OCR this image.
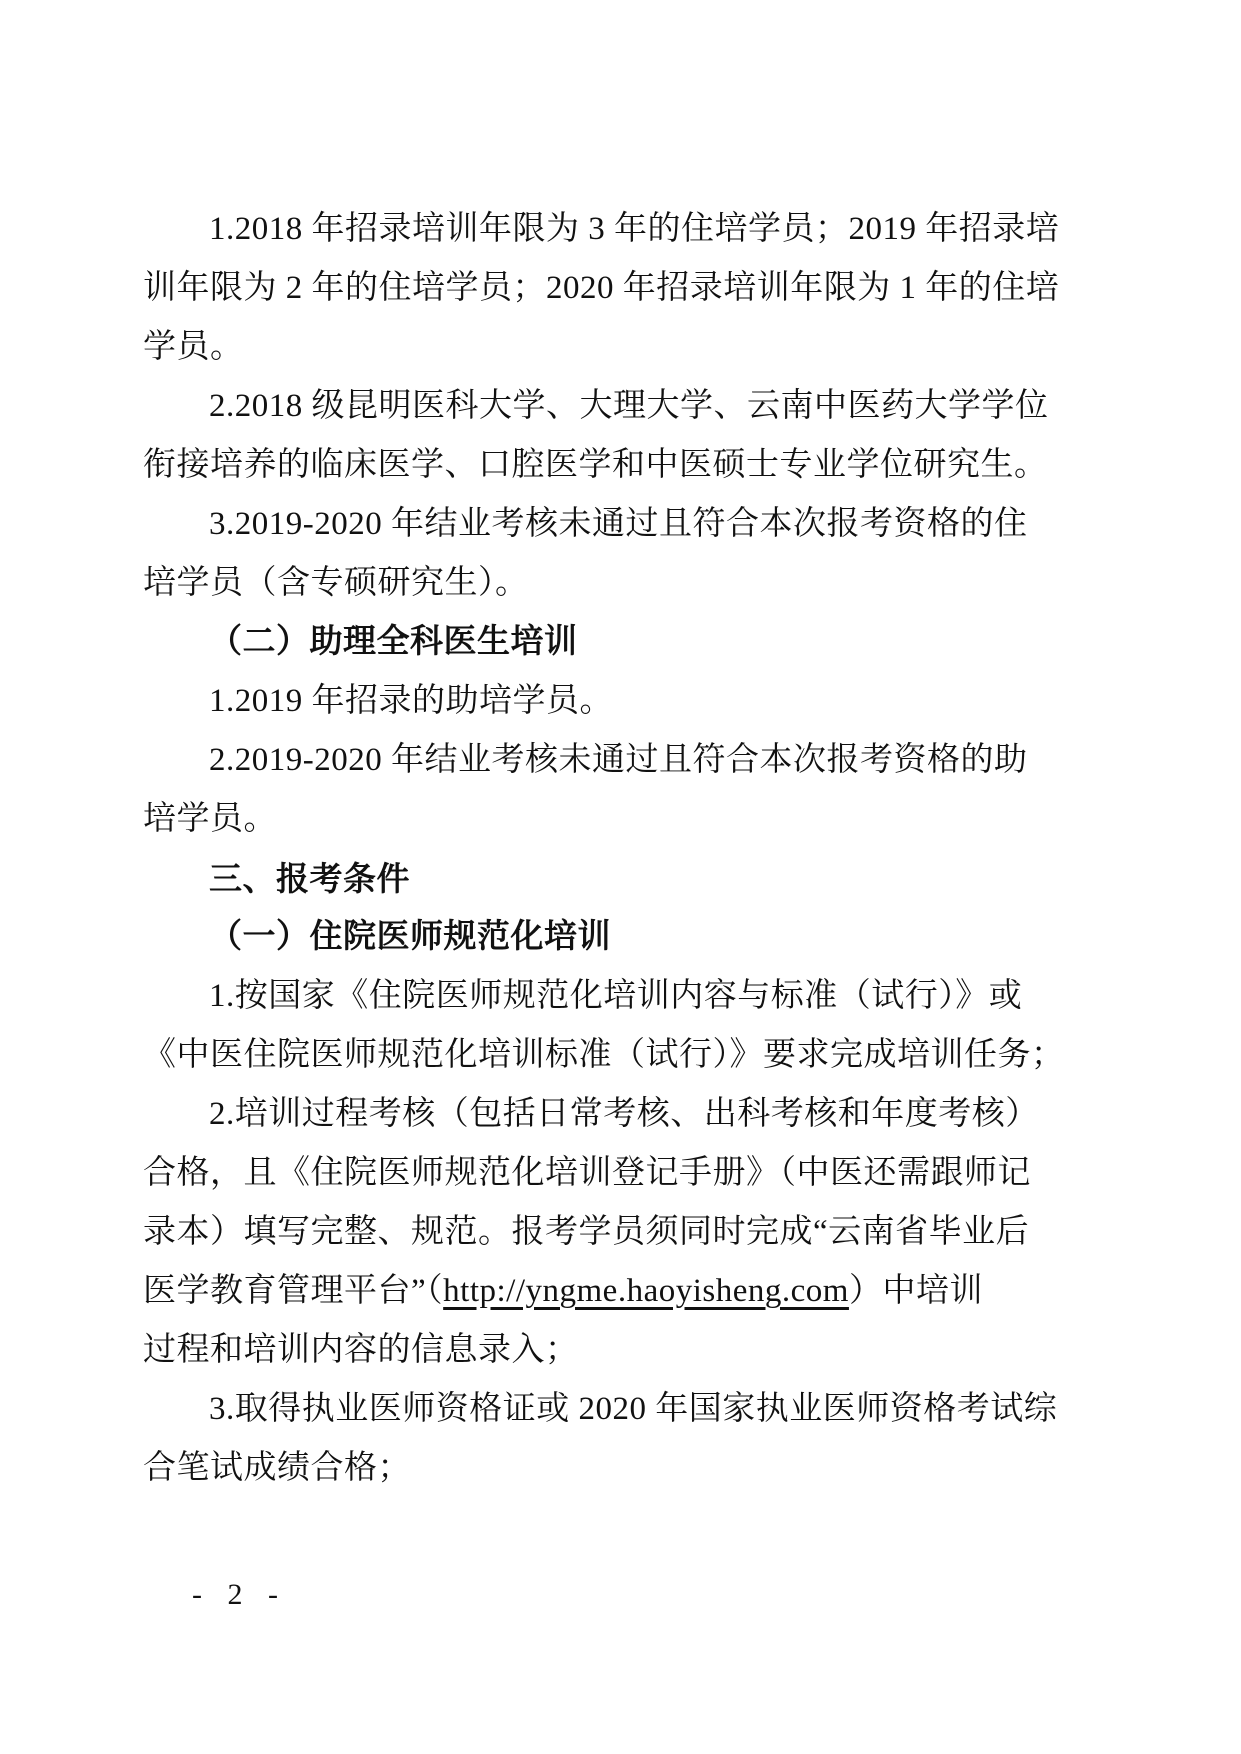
1.2018 年招录培训年限为 3 年的住培学员；2019 年招录培
训年限为 2 年的住培学员；2020 年招录培训年限为 1 年的住培
学员。
2.2018 级昆明医科大学、大理大学、云南中医药大学学位
衔接培养的临床医学、口腔医学和中医硕士专业学位研究生。
3.2019-2020 年结业考核未通过且符合本次报考资格的住
培学员（含专硕研究生）。
（二）助理全科医生培训
1.2019 年招录的助培学员。
2.2019-2020 年结业考核未通过且符合本次报考资格的助
培学员。
三、报考条件
（一）住院医师规范化培训
1.按国家《住院医师规范化培训内容与标准（试行）》或
《中医住院医师规范化培训标准（试行）》要求完成培训任务；
2.培训过程考核（包括日常考核、出科考核和年度考核）
合格，且《住院医师规范化培训登记手册》（中医还需跟师记
录本）填写完整、规范。报考学员须同时完成“云南省毕业后
医学教育管理平台”（http://yngme.haoyisheng.com）中培训
过程和培训内容的信息录入；
3.取得执业医师资格证或 2020 年国家执业医师资格考试综
合笔试成绩合格；
- 2 -
